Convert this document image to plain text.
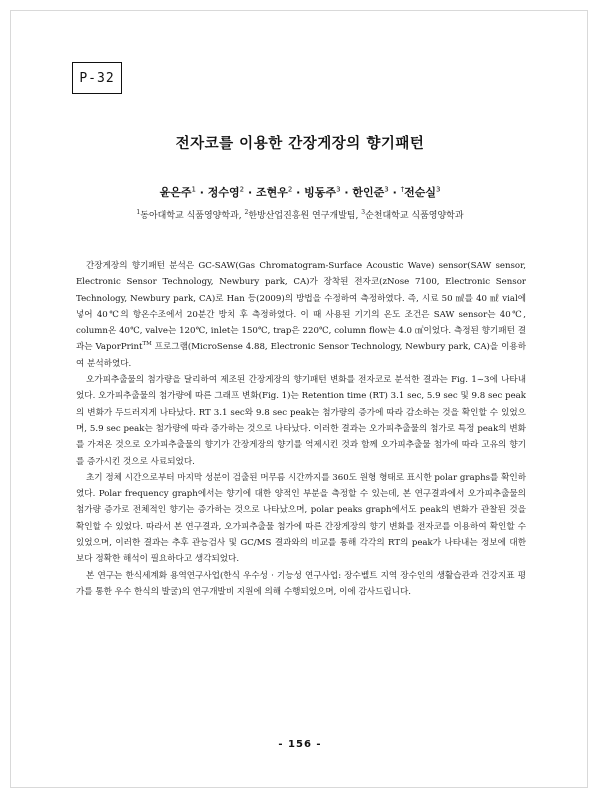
P-32
전자코를 이용한 간장게장의 향기패턴
윤은주$^1$ · 정수영$^2$ · 조현우$^2$ · 빙동주$^3$ · 한인준$^3$ · †전순실$^3$
$^1$동아대학교 식품영양학과, $^2$한방산업진흥원 연구개발팀, $^3$순천대학교 식품영양학과

간장게장의 향기패턴 분석은 GC-SAW(Gas Chromatogram-Surface Acoustic Wave) sensor(SAW sensor, Electronic Sensor Technology, Newbury park, CA)가 장착된 전자코(zNose 7100, Electronic Sensor Technology, Newbury park, CA)로 Han 등(2009)의 방법을 수정하여 측정하였다. 즉, 시료 50 ㎖를 40 ㎖ vial에 넣어 40℃의 항온수조에서 20분간 방치 후 측정하였다. 이 때 사용된 기기의 온도 조건은 SAW sensor는 40℃, column온 40℃, valve는 120℃, inlet는 150℃, trap은 220℃, column flow는 4.0 ㎤이었다. 측정된 향기패턴 결과는 VaporPrint™ 프로그램(MicroSense 4.88, Electronic Sensor Technology, Newbury park, CA)을 이용하여 분석하였다.

오가피추출물의 첨가량을 달리하여 제조된 간장게장의 향기패턴 변화를 전자코로 분석한 결과는 Fig. 1~3에 나타내었다. 오가피추출물의 첨가량에 따른 그래프 변화(Fig. 1)는 Retention time (RT) 3.1 sec, 5.9 sec 및 9.8 sec peak의 변화가 두드러지게 나타났다. RT 3.1 sec와 9.8 sec peak는 첨가량의 증가에 따라 감소하는 것을 확인할 수 있었으며, 5.9 sec peak는 첨가량에 따라 증가하는 것으로 나타났다. 이러한 결과는 오가피추출물의 첨가로 특정 peak의 변화를 가져온 것으로 오가피추출물의 향기가 간장게장의 향기를 억제시킨 것과 함께 오가피추출물 첨가에 따라 고유의 향기를 증가시킨 것으로 사료되었다.

초기 정체 시간으로부터 마지막 성분이 검출된 머무름 시간까지를 360도 원형 형태로 표시한 polar graphs를 확인하였다. Polar frequency graph에서는 향기에 대한 양적인 부분을 측정할 수 있는데, 본 연구결과에서 오가피추출물의 첨가량 증가로 전체적인 향기는 증가하는 것으로 나타났으며, polar peaks graph에서도 peak의 변화가 관찰된 것을 확인할 수 있었다. 따라서 본 연구결과, 오가피추출물 첨가에 따른 간장게장의 향기 변화를 전자코를 이용하여 확인할 수 있었으며, 이러한 결과는 추후 관능검사 및 GC/MS 결과와의 비교를 통해 각각의 RT의 peak가 나타내는 정보에 대한 보다 정확한 해석이 필요하다고 생각되었다.

본 연구는 한식세계화 용역연구사업(한식 우수성 · 기능성 연구사업: 장수벨트 지역 장수인의 생활습관과 건강지표 평가를 통한 우수 한식의 발굴)의 연구개발비 지원에 의해 수행되었으며, 이에 감사드립니다.

- 156 -
